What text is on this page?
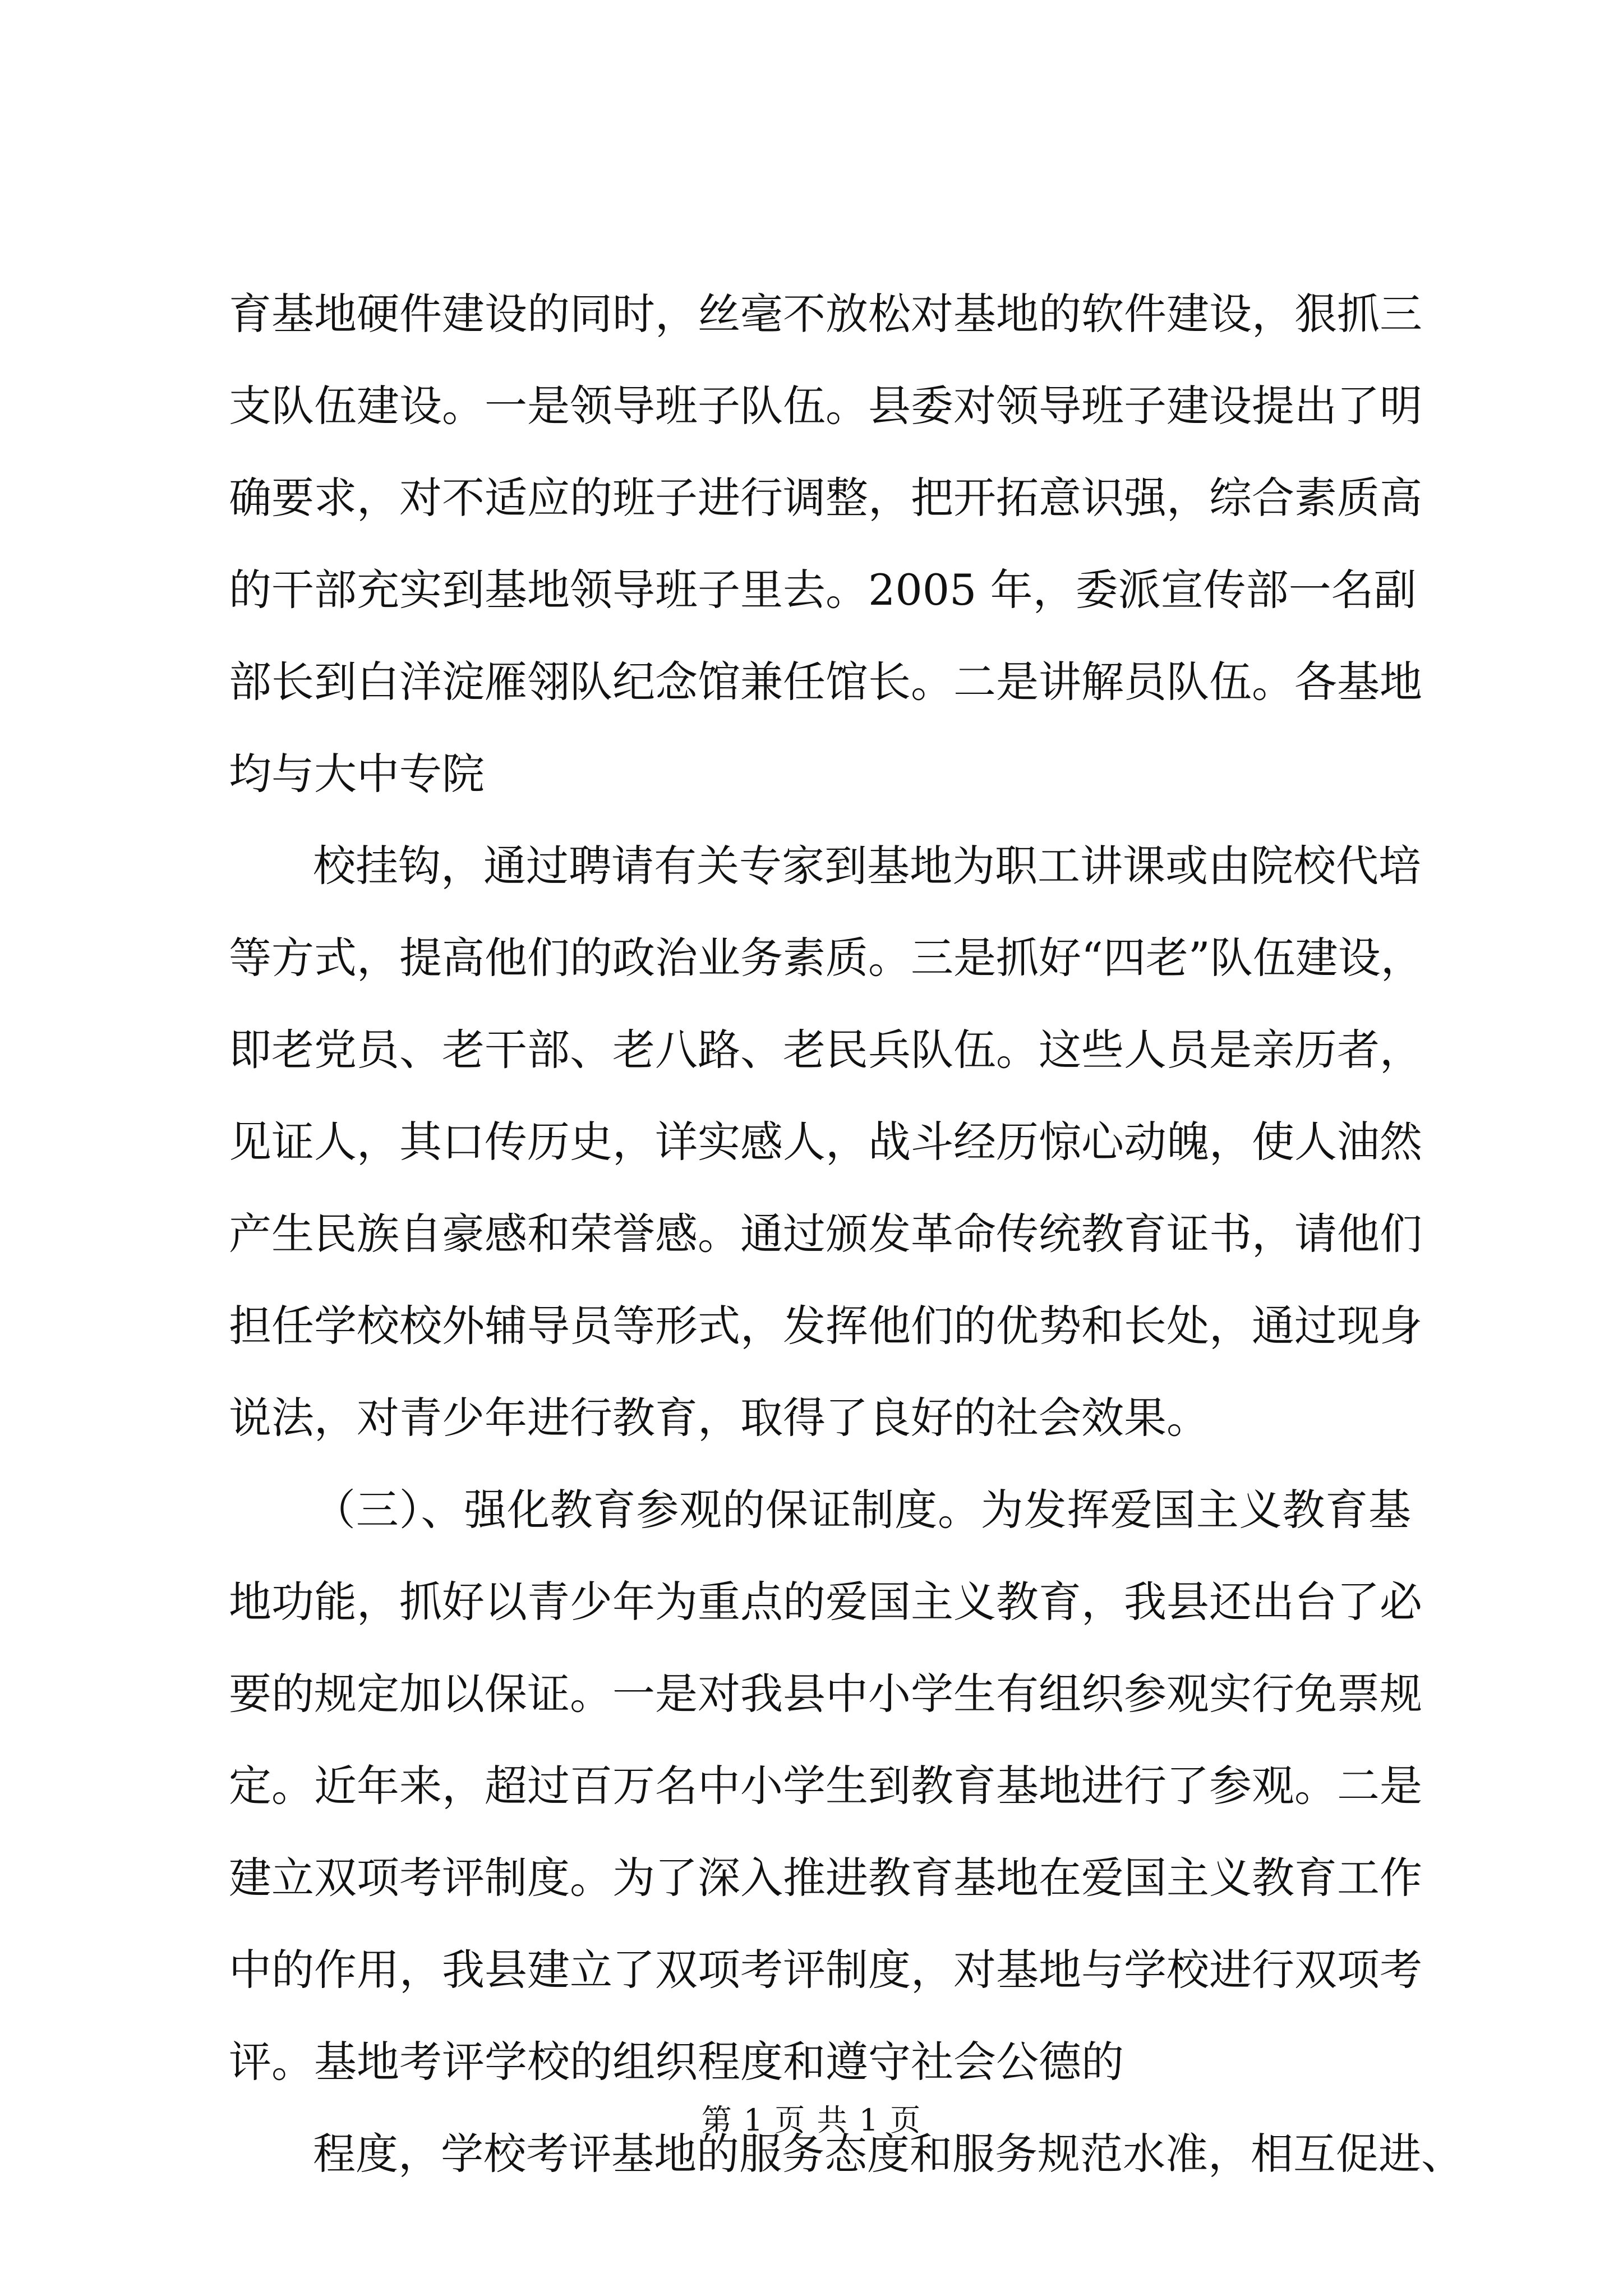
育基地硬件建设的同时，丝毫不放松对基地的软件建设，狠抓三
支队伍建设。一是领导班子队伍。县委对领导班子建设提出了明
确要求，对不适应的班子进行调整，把开拓意识强，综合素质高
的干部充实到基地领导班子里去。2005 年，委派宣传部一名副
部长到白洋淀雁翎队纪念馆兼任馆长。二是讲解员队伍。各基地
均与大中专院
校挂钩，通过聘请有关专家到基地为职工讲课或由院校代培
等方式，提高他们的政治业务素质。三是抓好“四老”队伍建设，
即老党员、老干部、老八路、老民兵队伍。这些人员是亲历者，
见证人，其口传历史，详实感人，战斗经历惊心动魄，使人油然
产生民族自豪感和荣誉感。通过颁发革命传统教育证书，请他们
担任学校校外辅导员等形式，发挥他们的优势和长处，通过现身
说法，对青少年进行教育，取得了良好的社会效果。
（三）、强化教育参观的保证制度。为发挥爱国主义教育基
地功能，抓好以青少年为重点的爱国主义教育，我县还出台了必
要的规定加以保证。一是对我县中小学生有组织参观实行免票规
定。近年来，超过百万名中小学生到教育基地进行了参观。二是
建立双项考评制度。为了深入推进教育基地在爱国主义教育工作
中的作用，我县建立了双项考评制度，对基地与学校进行双项考
评。基地考评学校的组织程度和遵守社会公德的
程度，学校考评基地的服务态度和服务规范水准，相互促进、
第 1 页 共 1 页
